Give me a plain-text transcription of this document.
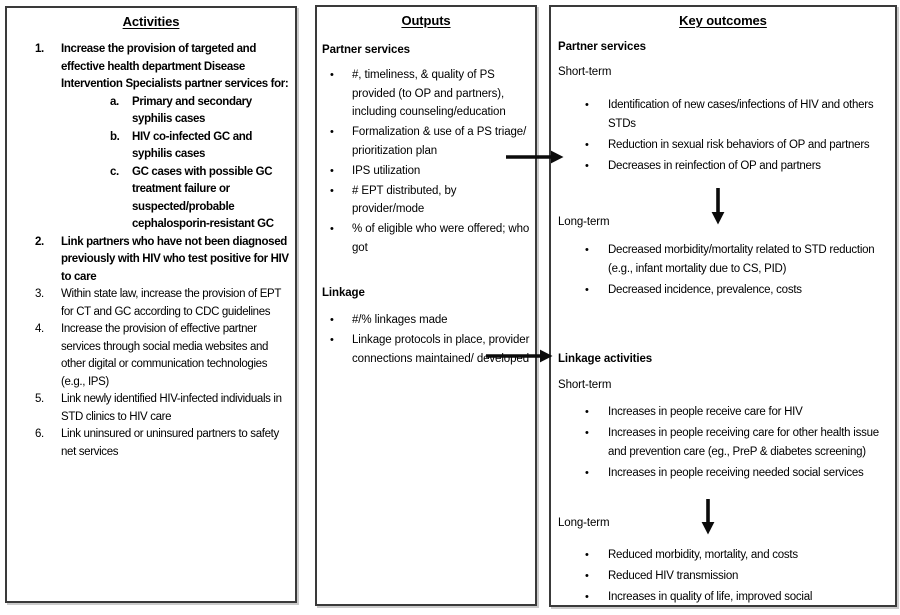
Activities
1.	Increase the provision of targeted and effective health department Disease Intervention Specialists partner services for:
a.	Primary and secondary syphilis cases
b.	HIV co-infected GC and syphilis cases
c.	GC cases with possible GC treatment failure or suspected/probable cephalosporin-resistant GC
2.	Link partners who have not been diagnosed previously with HIV who test positive for HIV to care
3.	Within state law, increase the provision of EPT for CT and GC according to CDC guidelines
4.	Increase the provision of effective partner services through social media websites and other digital or communication technologies (e.g., IPS)
5.	Link newly identified HIV-infected individuals in STD clinics to HIV care
6.	Link uninsured or uninsured partners to safety net services
Outputs
Partner services
•	#, timeliness, & quality of PS provided (to OP and partners), including counseling/education
•	Formalization & use of a PS triage/ prioritization plan
•	IPS utilization
•	# EPT distributed, by provider/mode
•	% of eligible who were offered; who got
Linkage
•	#/% linkages made
•	Linkage protocols in place, provider connections maintained/ developed
Key outcomes
Partner services
Short-term
•	Identification of new cases/infections of HIV and others STDs
•	Reduction in sexual risk behaviors of OP and partners
•	Decreases in reinfection of OP and partners
Long-term
•	Decreased morbidity/mortality related to STD reduction (e.g., infant mortality due to CS, PID)
•	Decreased incidence, prevalence, costs
Linkage activities
Short-term
•	Increases in people receive care for HIV
•	Increases in people receiving care for other health issue and prevention care (eg., PreP & diabetes screening)
•	Increases in people receiving needed social services
Long-term
•	Reduced morbidity, mortality, and costs
•	Reduced HIV transmission
•	Increases in quality of life, improved social
